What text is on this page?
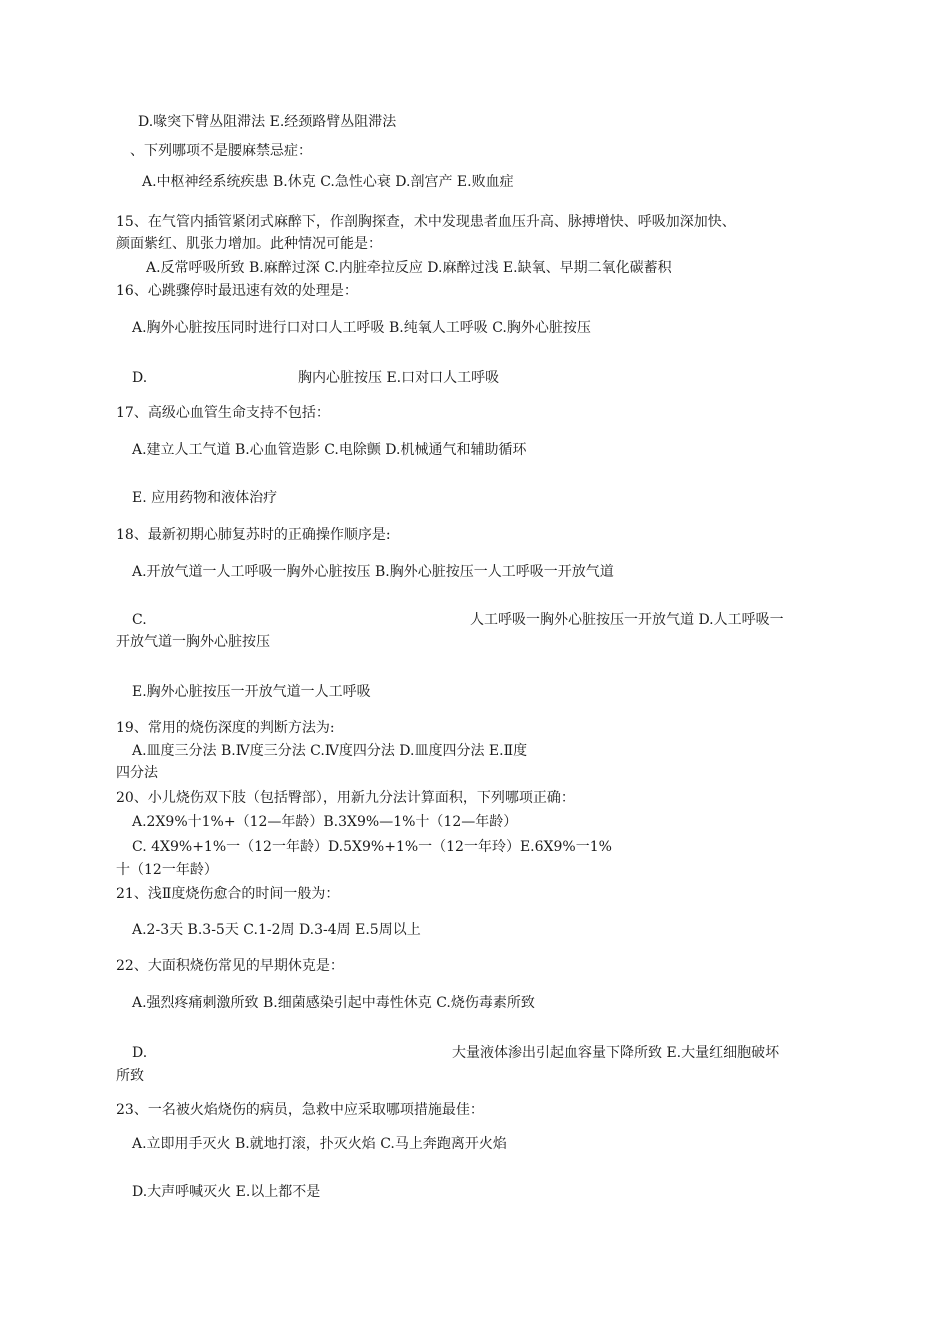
D.喙突下臂丛阻滞法 E.经颈路臂丛阻滞法
、下列哪项不是腰麻禁忌症：
A.中枢神经系统疾患 B.休克 C.急性心衰 D.剖宫产 E.败血症
15、在气管内插管紧闭式麻醉下，作剖胸探查，术中发现患者血压升高、脉搏增快、呼吸加深加快、
颜面紫红、肌张力增加。此种情况可能是：
A.反常呼吸所致 B.麻醉过深 C.内脏牵拉反应 D.麻醉过浅 E.缺氧、早期二氧化碳蓄积
16、心跳骤停时最迅速有效的处理是：
A.胸外心脏按压同时进行口对口人工呼吸 B.纯氧人工呼吸 C.胸外心脏按压
D.	胸内心脏按压 E.口对口人工呼吸
17、高级心血管生命支持不包括：
A.建立人工气道 B.心血管造影 C.电除颤 D.机械通气和辅助循环
E. 应用药物和液体治疗
18、最新初期心肺复苏时的正确操作顺序是:
A.开放气道一人工呼吸一胸外心脏按压 B.胸外心脏按压一人工呼吸一开放气道
C.	人工呼吸一胸外心脏按压一开放气道 D.人工呼吸一
开放气道一胸外心脏按压
E.胸外心脏按压一开放气道一人工呼吸
19、常用的烧伤深度的判断方法为:
A.皿度三分法 B.Ⅳ度三分法 C.Ⅳ度四分法 D.皿度四分法 E.Ⅱ度
四分法
20、小儿烧伤双下肢（包括臀部），用新九分法计算面积，下列哪项正确：
A.2X9%十1%+（12—年龄）B.3X9%—1%十（12—年龄）
C. 4X9%+1%一（12一年龄）D.5X9%+1%一（12一年玲）E.6X9%一1%
十（12一年龄）
21、浅Ⅱ度烧伤愈合的时间一般为：
A.2-3天 B.3-5天 C.1-2周 D.3-4周 E.5周以上
22、大面积烧伤常见的早期休克是：
A.强烈疼痛刺激所致 B.细菌感染引起中毒性休克 C.烧伤毒素所致
D.	大量液体渗出引起血容量下降所致 E.大量红细胞破坏
所致
23、一名被火焰烧伤的病员，急救中应采取哪项措施最佳：
A.立即用手灭火 B.就地打滚，扑灭火焰 C.马上奔跑离开火焰
D.大声呼喊灭火 E.以上都不是
